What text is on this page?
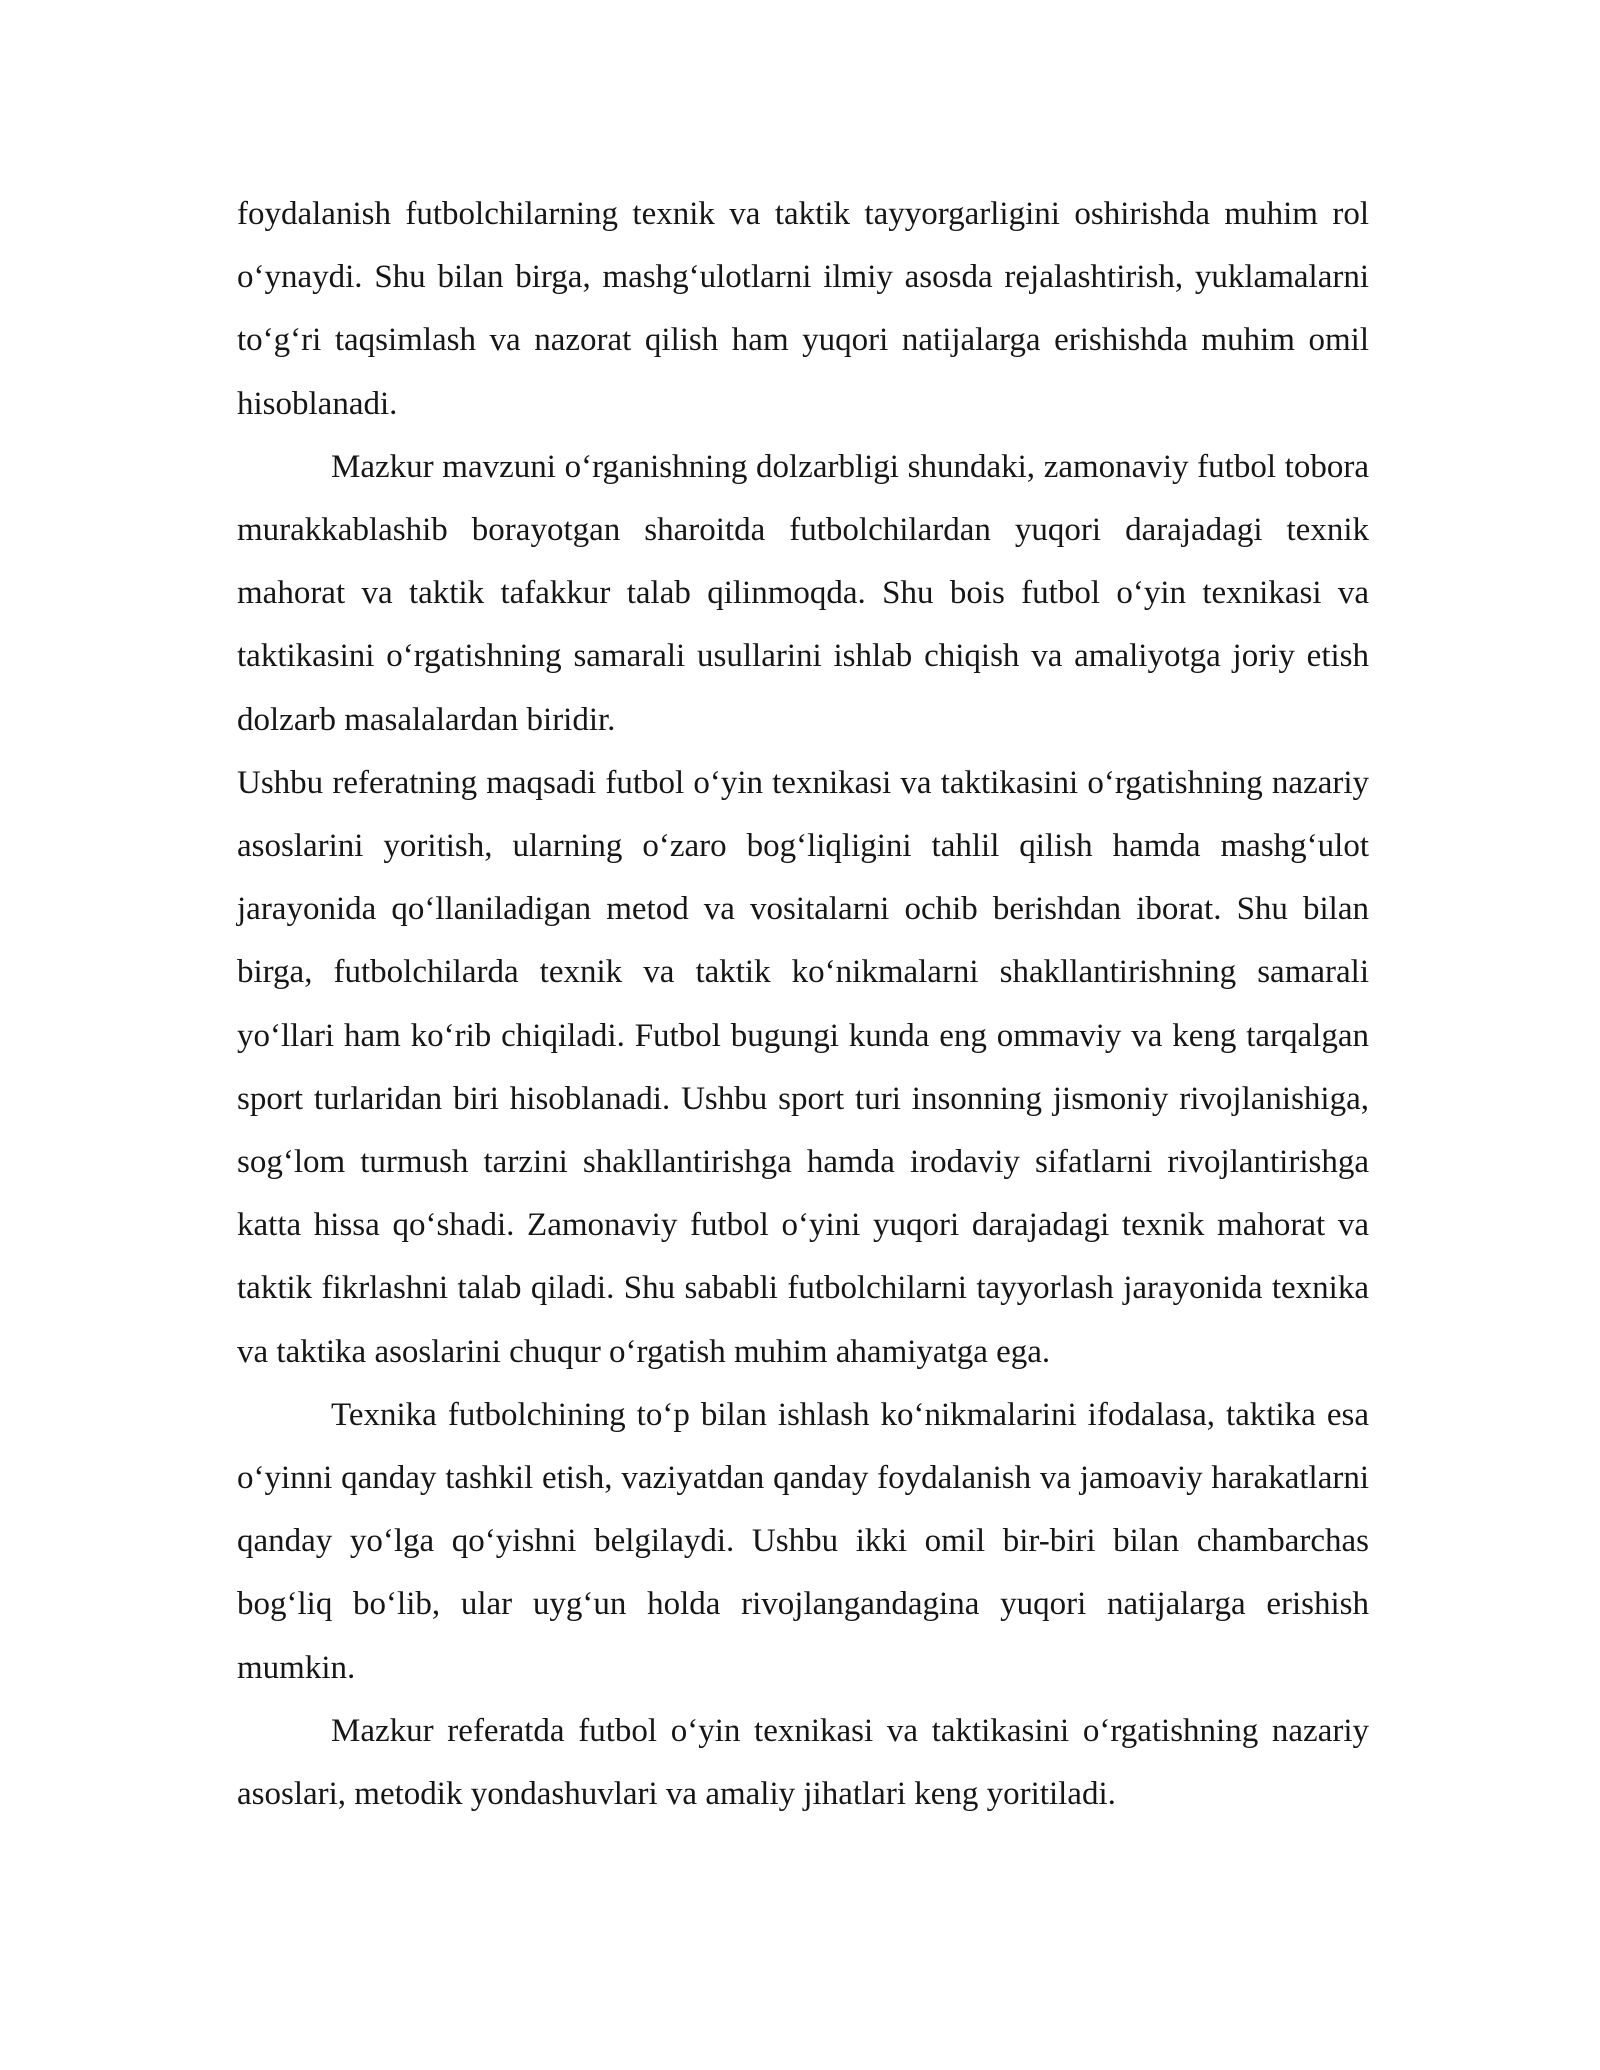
foydalanish futbolchilarning texnik va taktik tayyorgarligini oshirishda muhim rol o‘ynaydi. Shu bilan birga, mashg‘ulotlarni ilmiy asosda rejalashtirish, yuklamalarni to‘g‘ri taqsimlash va nazorat qilish ham yuqori natijalarga erishishda muhim omil hisoblanadi.

Mazkur mavzuni o‘rganishning dolzarbligi shundaki, zamonaviy futbol tobora murakkablashib borayotgan sharoitda futbolchilardan yuqori darajadagi texnik mahorat va taktik tafakkur talab qilinmoqda. Shu bois futbol o‘yin texnikasi va taktikasini o‘rgatishning samarali usullarini ishlab chiqish va amaliyotga joriy etish dolzarb masalalardan biridir.

Ushbu referatning maqsadi futbol o‘yin texnikasi va taktikasini o‘rgatishning nazariy asoslarini yoritish, ularning o‘zaro bog‘liqligini tahlil qilish hamda mashg‘ulot jarayonida qo‘llaniladigan metod va vositalarni ochib berishdan iborat. Shu bilan birga, futbolchilarda texnik va taktik ko‘nikmalarni shakllantirishning samarali yo‘llari ham ko‘rib chiqiladi. Futbol bugungi kunda eng ommaviy va keng tarqalgan sport turlaridan biri hisoblanadi. Ushbu sport turi insonning jismoniy rivojlanishiga, sog‘lom turmush tarzini shakllantirishga hamda irodaviy sifatlarni rivojlantirishga katta hissa qo‘shadi. Zamonaviy futbol o‘yini yuqori darajadagi texnik mahorat va taktik fikrlashni talab qiladi. Shu sababli futbolchilarni tayyorlash jarayonida texnika va taktika asoslarini chuqur o‘rgatish muhim ahamiyatga ega.

Texnika futbolchining to‘p bilan ishlash ko‘nikmalarini ifodalasa, taktika esa o‘yinni qanday tashkil etish, vaziyatdan qanday foydalanish va jamoaviy harakatlarni qanday yo‘lga qo‘yishni belgilaydi. Ushbu ikki omil bir-biri bilan chambarchas bog‘liq bo‘lib, ular uyg‘un holda rivojlangandagina yuqori natijalarga erishish mumkin.

Mazkur referatda futbol o‘yin texnikasi va taktikasini o‘rgatishning nazariy asoslari, metodik yondashuvlari va amaliy jihatlari keng yoritiladi.
